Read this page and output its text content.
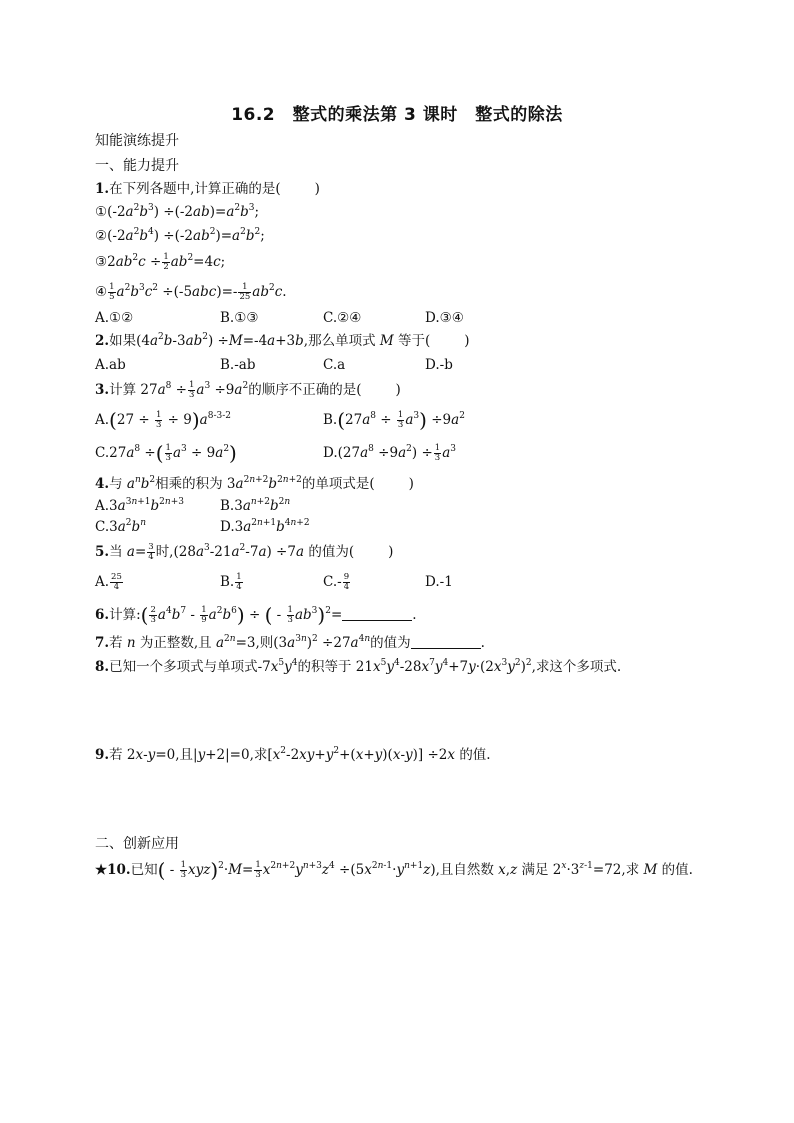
16.2　整式的乘法第 3 课时　整式的除法
知能演练提升
一、能力提升
1.在下列各题中,计算正确的是(	)
$①(-2a^2b^3) \div(-2ab)=a^2b^3$;
$②(-2a^2b^4) \div(-2ab^2)=a^2b^2$;
$③2ab^2c \div \frac{1}{2} ab^2=4c$;
④ $\frac{1}{5} a^2b^3c^2 \div(-5abc)=- \frac{1}{25} ab^2c$.
A.①②	B.①③	C.②④	D.③④
2.如果$(4a^2b-3ab^2) \div M=-4a+3b$,那么单项式 M 等于(	)
A.ab	B.-ab	C.a	D.-b
3.计算 $27a^8 \div \frac{1}{3} a^3 \div 9a^2$的顺序不正确的是(	)
$A.(27 \div \frac{1}{3} \div 9)a^{8-3-2}$	$B.(27a^8 \div \frac{1}{3} a^3) \div 9a^2$
$C.27a^8$ ÷( $\frac{1}{3} a^3 \div 9a^2$)	$D.(27a^8 \div 9a^2) \div \frac{1}{3} a^3$
4.与 $a^nb^2$相乘的积为 $3a^{2n+2}b^{2n+2}$的单项式是(	)
$A.3a^{3n+1}b^{2n+3}$	$B.3a^{n+2}b^{2n}$
$C.3a^2b^n$	$D.3a^{2n+1}b^{4n+2}$
5.当 $a= \frac{3}{4}$ 时$,(28a^3-21a^2-7a) \div 7a$ 的值为(	)
A. $\frac{25}{4}$	B. $\frac{1}{4}$	$C.- \frac{9}{4}$	D.-1
6.计算:( $\frac{2}{3} a^4b^7 - \frac{1}{9} a^2b^6$) ÷ ( - $\frac{1}{3} ab^3)^2=$	.
7.若 n 为正整数,且 $a^{2n}=3$,则$(3a^{3n})^2 \div 27a^{4n}$的值为	.
8.已知一个多项式与单项式$-7x^5y^4$的积等于 $21x^5y^4-28x^7y^4+7y\cdot(2x^3y^2)^2$,求这个多项式.
9.若 2x-y=0,且|y+2|=0,求$[x^2-2xy+y^2+(x+y)(x-y)] \div 2x$ 的值.
二、创新应用
★10.已知( - $\frac{1}{3} xyz)^2\cdot M= \frac{1}{3} x^{2n+2}y^{n+3}z^4 \div(5x^{2n-1}\cdot y^{n+1}z)$,且自然数 x,z 满足 $2^x\cdot 3^{z-1}=72$,求 M 的值.
